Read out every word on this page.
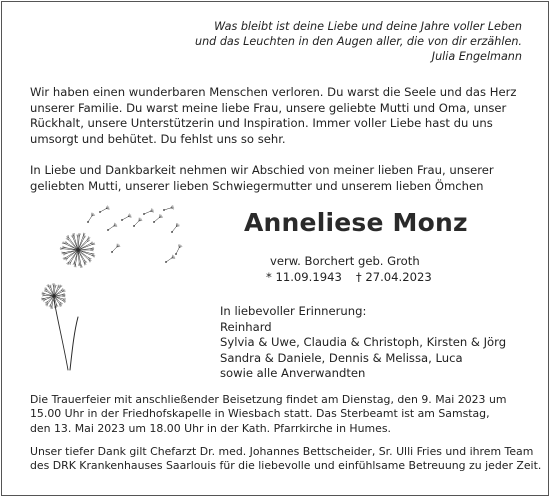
Was bleibt ist deine Liebe und deine Jahre voller Leben
und das Leuchten in den Augen aller, die von dir erzählen.
Julia Engelmann
Wir haben einen wunderbaren Menschen verloren. Du warst die Seele und das Herz
unserer Familie. Du warst meine liebe Frau, unsere geliebte Mutti und Oma, unser
Rückhalt, unsere Unterstützerin und Inspiration. Immer voller Liebe hast du uns
umsorgt und behütet. Du fehlst uns so sehr.
In Liebe und Dankbarkeit nehmen wir Abschied von meiner lieben Frau, unserer
geliebten Mutti, unserer lieben Schwiegermutter und unserem lieben Ömchen
Anneliese Monz
verw. Borchert geb. Groth
* 11.09.1943 † 27.04.2023
In liebevoller Erinnerung:
Reinhard
Sylvia & Uwe, Claudia & Christoph, Kirsten & Jörg
Sandra & Daniele, Dennis & Melissa, Luca
sowie alle Anverwandten
Die Trauerfeier mit anschließender Beisetzung findet am Dienstag, den 9. Mai 2023 um
15.00 Uhr in der Friedhofskapelle in Wiesbach statt. Das Sterbeamt ist am Samstag,
den 13. Mai 2023 um 18.00 Uhr in der Kath. Pfarrkirche in Humes.
Unser tiefer Dank gilt Chefarzt Dr. med. Johannes Bettscheider, Sr. Ulli Fries und ihrem Team
des DRK Krankenhauses Saarlouis für die liebevolle und einfühlsame Betreuung zu jeder Zeit.
